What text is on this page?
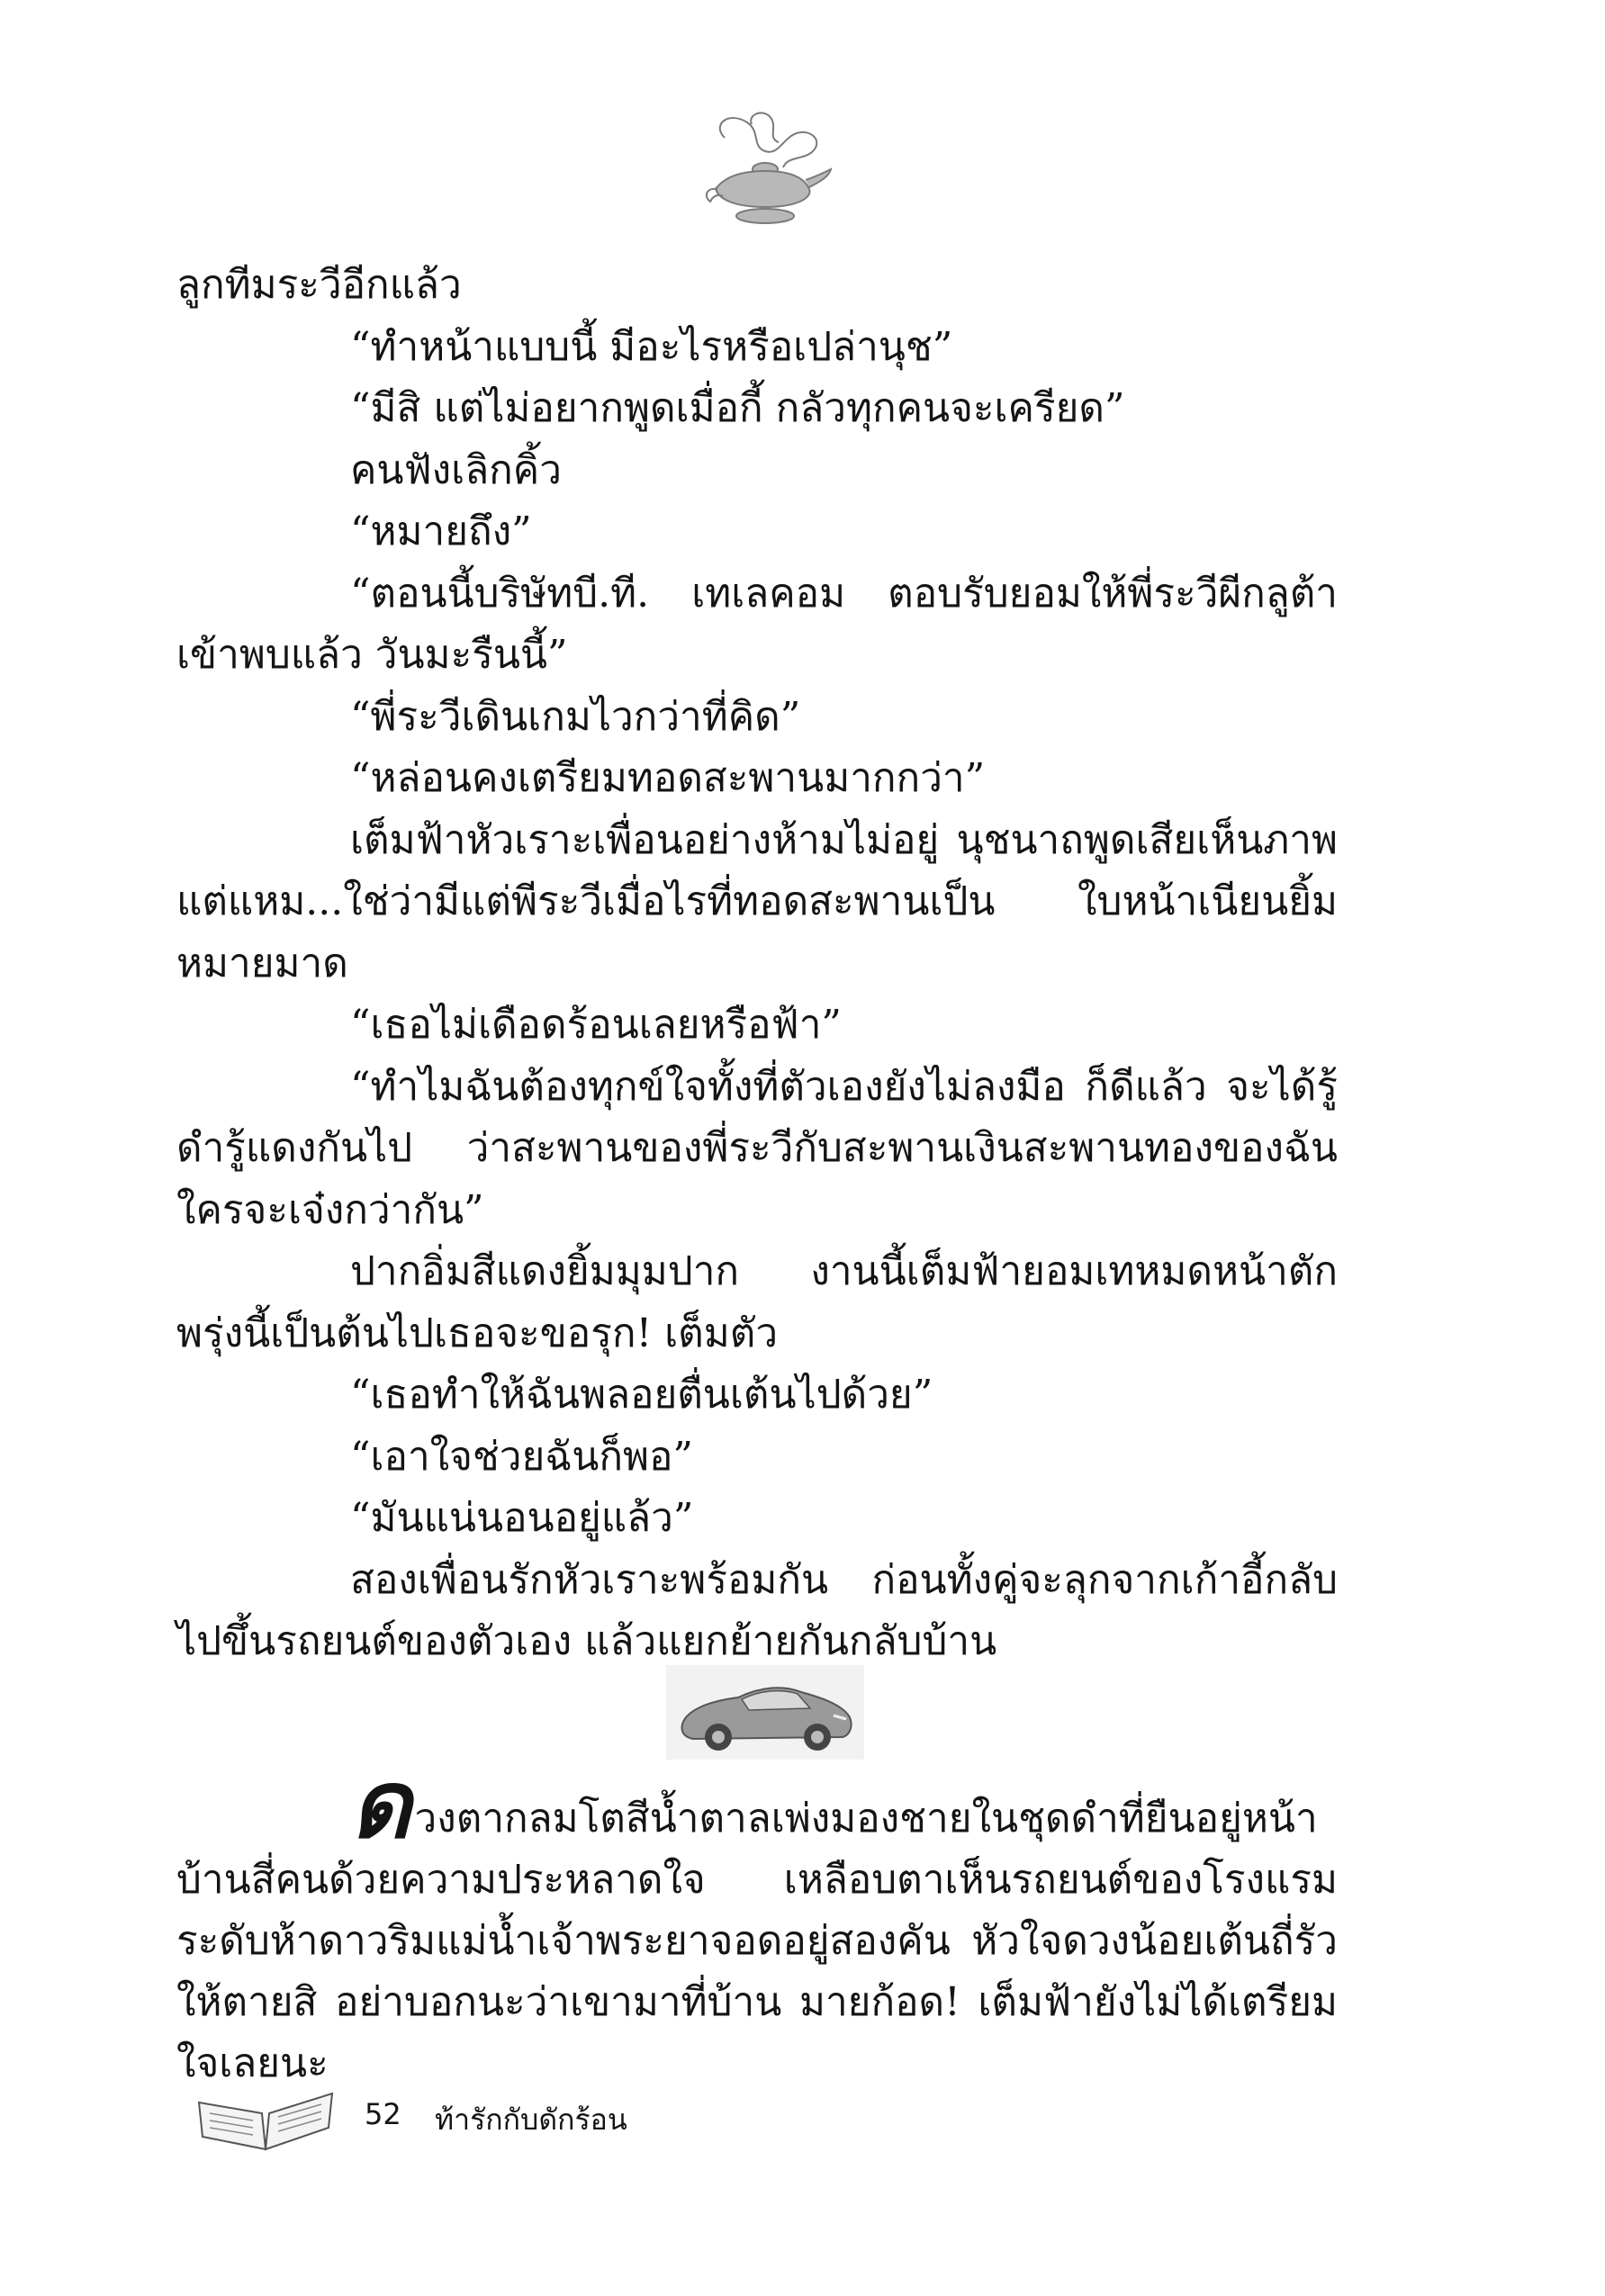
ลูกทีมระวีอีกแล้ว

“ทำหน้าแบบนี้ มีอะไรหรือเปล่านุช”

“มีสิ แต่ไม่อยากพูดเมื่อกี้ กลัวทุกคนจะเครียด”

คนฟังเลิกคิ้ว

“หมายถึง”

“ตอนนี้บริษัทบี.ที. เทเลคอม ตอบรับยอมให้พี่ระวีผีกลูต้าเข้าพบแล้ว วันมะรืนนี้”

“พี่ระวีเดินเกมไวกว่าที่คิด”

“หล่อนคงเตรียมทอดสะพานมากกว่า”

เต็มฟ้าหัวเราะเพื่อนอย่างห้ามไม่อยู่ นุชนาถพูดเสียเห็นภาพ แต่แหม...ใช่ว่ามีแต่พีระวีเมื่อไรที่ทอดสะพานเป็น ใบหน้าเนียนยิ้มหมายมาด

“เธอไม่เดือดร้อนเลยหรือฟ้า”

“ทำไมฉันต้องทุกข์ใจทั้งที่ตัวเองยังไม่ลงมือ ก็ดีแล้ว จะได้รู้ดำรู้แดงกันไป ว่าสะพานของพี่ระวีกับสะพานเงินสะพานทองของฉันใครจะเจ๋งกว่ากัน”

ปากอิ่มสีแดงยิ้มมุมปาก งานนี้เต็มฟ้ายอมเทหมดหน้าตัก พรุ่งนี้เป็นต้นไปเธอจะขอรุก! เต็มตัว

“เธอทำให้ฉันพลอยตื่นเต้นไปด้วย”

“เอาใจช่วยฉันก็พอ”

“มันแน่นอนอยู่แล้ว”

สองเพื่อนรักหัวเราะพร้อมกัน ก่อนทั้งคู่จะลุกจากเก้าอี้กลับไปขึ้นรถยนต์ของตัวเอง แล้วแยกย้ายกันกลับบ้าน

ดวงตากลมโตสีน้ำตาลเพ่งมองชายในชุดดำที่ยืนอยู่หน้าบ้านสี่คนด้วยความประหลาดใจ เหลือบตาเห็นรถยนต์ของโรงแรมระดับห้าดาวริมแม่น้ำเจ้าพระยาจอดอยู่สองคัน หัวใจดวงน้อยเต้นถี่รัว ให้ตายสิ อย่าบอกนะว่าเขามาที่บ้าน มายก้อด! เต็มฟ้ายังไม่ได้เตรียมใจเลยนะ

52 ท้ารักกับดักร้อน
